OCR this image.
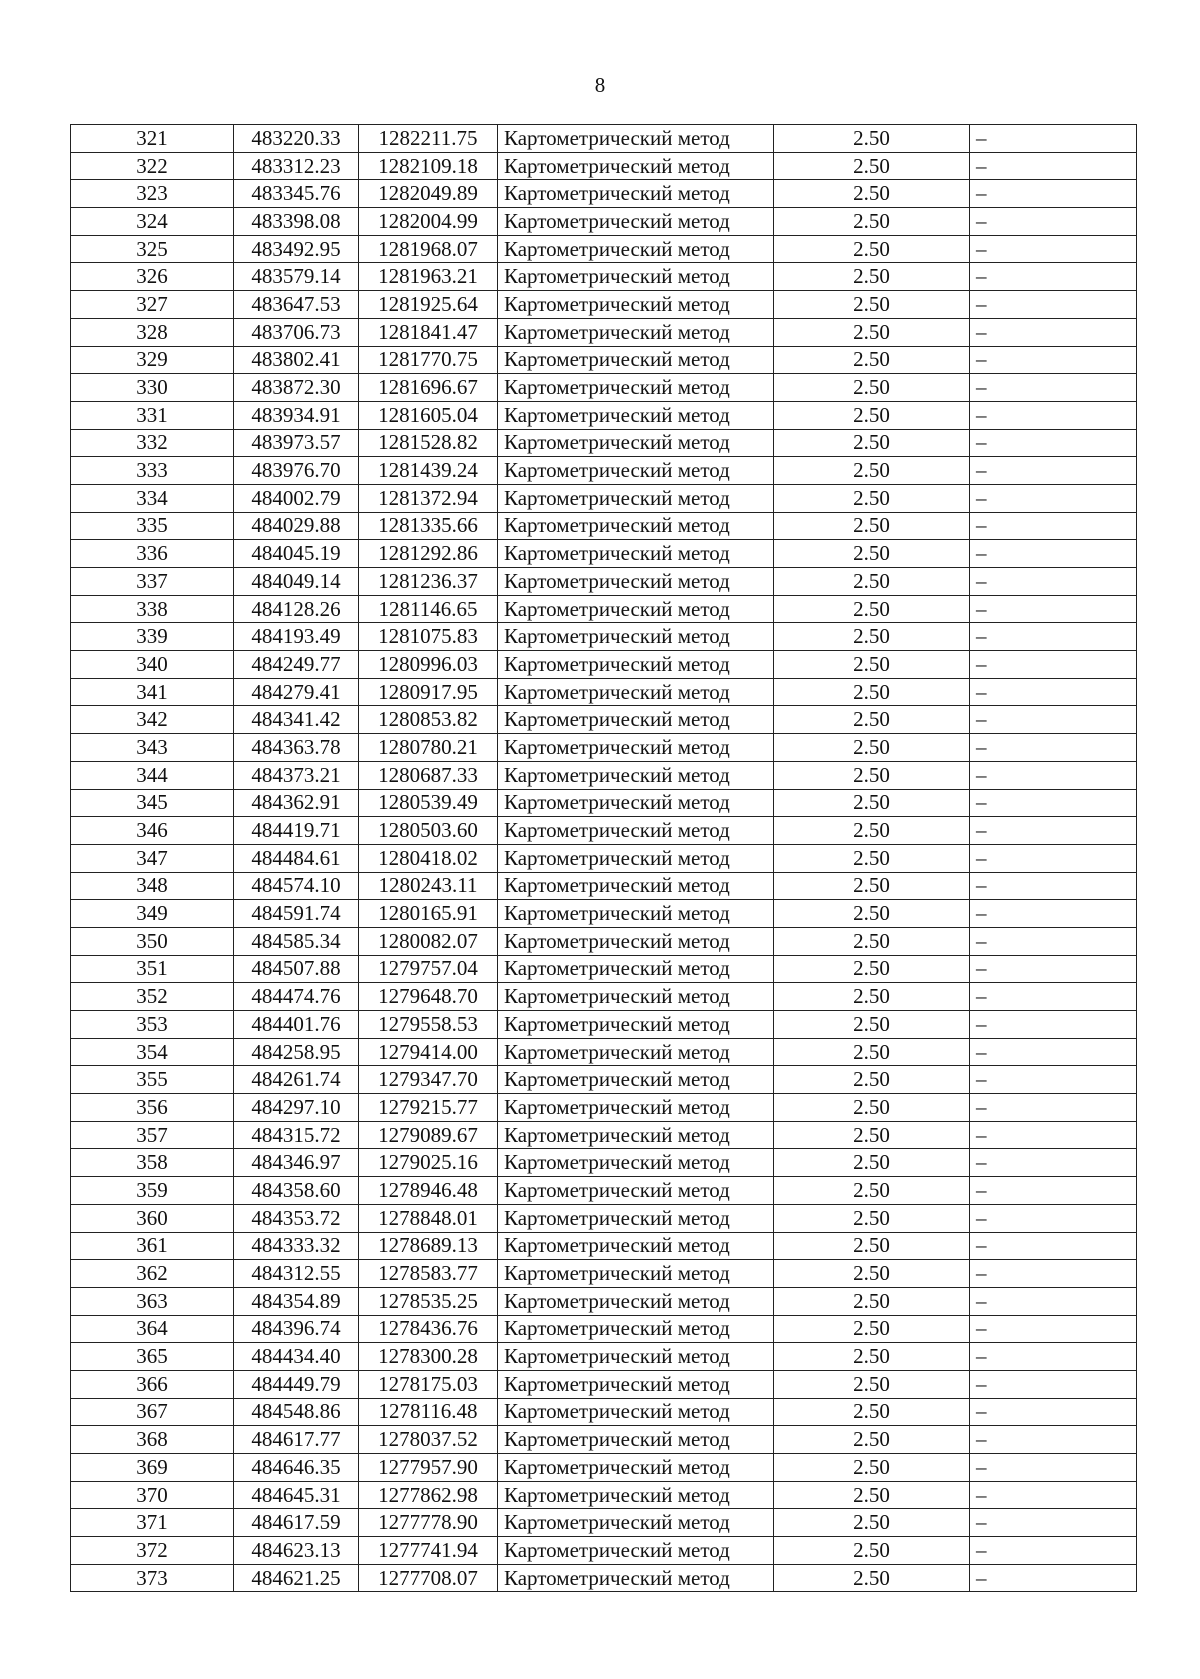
8
321	483220.33	1282211.75	Картометрический метод	2.50	–
322	483312.23	1282109.18	Картометрический метод	2.50	–
323	483345.76	1282049.89	Картометрический метод	2.50	–
324	483398.08	1282004.99	Картометрический метод	2.50	–
325	483492.95	1281968.07	Картометрический метод	2.50	–
326	483579.14	1281963.21	Картометрический метод	2.50	–
327	483647.53	1281925.64	Картометрический метод	2.50	–
328	483706.73	1281841.47	Картометрический метод	2.50	–
329	483802.41	1281770.75	Картометрический метод	2.50	–
330	483872.30	1281696.67	Картометрический метод	2.50	–
331	483934.91	1281605.04	Картометрический метод	2.50	–
332	483973.57	1281528.82	Картометрический метод	2.50	–
333	483976.70	1281439.24	Картометрический метод	2.50	–
334	484002.79	1281372.94	Картометрический метод	2.50	–
335	484029.88	1281335.66	Картометрический метод	2.50	–
336	484045.19	1281292.86	Картометрический метод	2.50	–
337	484049.14	1281236.37	Картометрический метод	2.50	–
338	484128.26	1281146.65	Картометрический метод	2.50	–
339	484193.49	1281075.83	Картометрический метод	2.50	–
340	484249.77	1280996.03	Картометрический метод	2.50	–
341	484279.41	1280917.95	Картометрический метод	2.50	–
342	484341.42	1280853.82	Картометрический метод	2.50	–
343	484363.78	1280780.21	Картометрический метод	2.50	–
344	484373.21	1280687.33	Картометрический метод	2.50	–
345	484362.91	1280539.49	Картометрический метод	2.50	–
346	484419.71	1280503.60	Картометрический метод	2.50	–
347	484484.61	1280418.02	Картометрический метод	2.50	–
348	484574.10	1280243.11	Картометрический метод	2.50	–
349	484591.74	1280165.91	Картометрический метод	2.50	–
350	484585.34	1280082.07	Картометрический метод	2.50	–
351	484507.88	1279757.04	Картометрический метод	2.50	–
352	484474.76	1279648.70	Картометрический метод	2.50	–
353	484401.76	1279558.53	Картометрический метод	2.50	–
354	484258.95	1279414.00	Картометрический метод	2.50	–
355	484261.74	1279347.70	Картометрический метод	2.50	–
356	484297.10	1279215.77	Картометрический метод	2.50	–
357	484315.72	1279089.67	Картометрический метод	2.50	–
358	484346.97	1279025.16	Картометрический метод	2.50	–
359	484358.60	1278946.48	Картометрический метод	2.50	–
360	484353.72	1278848.01	Картометрический метод	2.50	–
361	484333.32	1278689.13	Картометрический метод	2.50	–
362	484312.55	1278583.77	Картометрический метод	2.50	–
363	484354.89	1278535.25	Картометрический метод	2.50	–
364	484396.74	1278436.76	Картометрический метод	2.50	–
365	484434.40	1278300.28	Картометрический метод	2.50	–
366	484449.79	1278175.03	Картометрический метод	2.50	–
367	484548.86	1278116.48	Картометрический метод	2.50	–
368	484617.77	1278037.52	Картометрический метод	2.50	–
369	484646.35	1277957.90	Картометрический метод	2.50	–
370	484645.31	1277862.98	Картометрический метод	2.50	–
371	484617.59	1277778.90	Картометрический метод	2.50	–
372	484623.13	1277741.94	Картометрический метод	2.50	–
373	484621.25	1277708.07	Картометрический метод	2.50	–
